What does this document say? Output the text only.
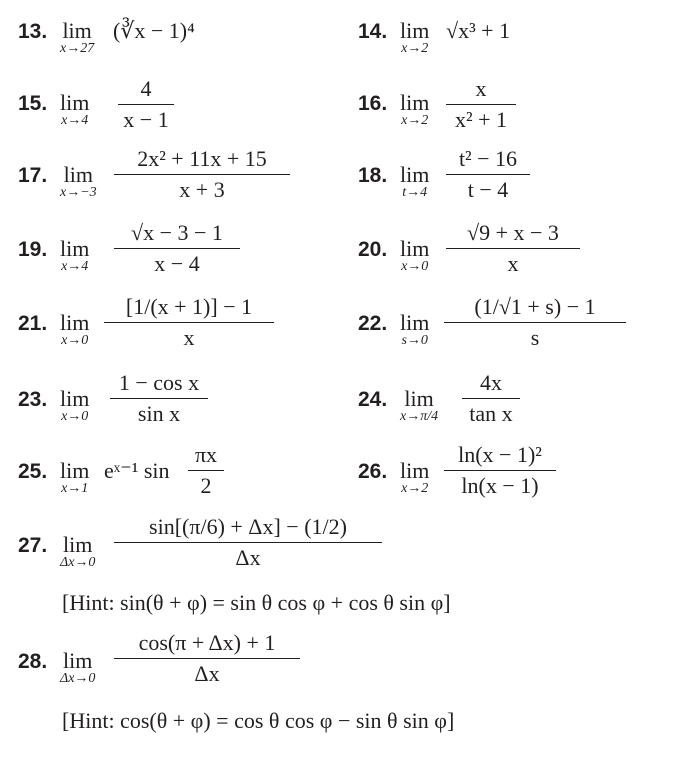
13. lim
x→27
(∛x − 1)⁴	14. lim
x→2
√x³ + 1
15. lim
x→4
4
x − 1
16. lim
x→2
x
x² + 1
17. lim
x→−3
2x² + 11x + 15
x + 3
18. lim
t→4
t² − 16
t − 4
19. lim
x→4
√x − 3 − 1
x − 4
20. lim
x→0
√9 + x − 3
x
21. lim
x→0
[1/(x + 1)] − 1
x
22. lim
s→0
(1/√1 + s) − 1
s
23. lim
x→0
1 − cos x
sin x
24. lim
x→π/4
4x
tan x
25. lim
x→1
eˣ⁻¹ sin
πx
2
26. lim
x→2
ln(x − 1)²
ln(x − 1)
27. lim
Δx→0
sin[(π/6) + Δx] − (1/2)
Δx
[Hint: sin(θ + φ) = sin θ cos φ + cos θ sin φ]
28. lim
Δx→0
cos(π + Δx) + 1
Δx
[Hint: cos(θ + φ) = cos θ cos φ − sin θ sin φ]
